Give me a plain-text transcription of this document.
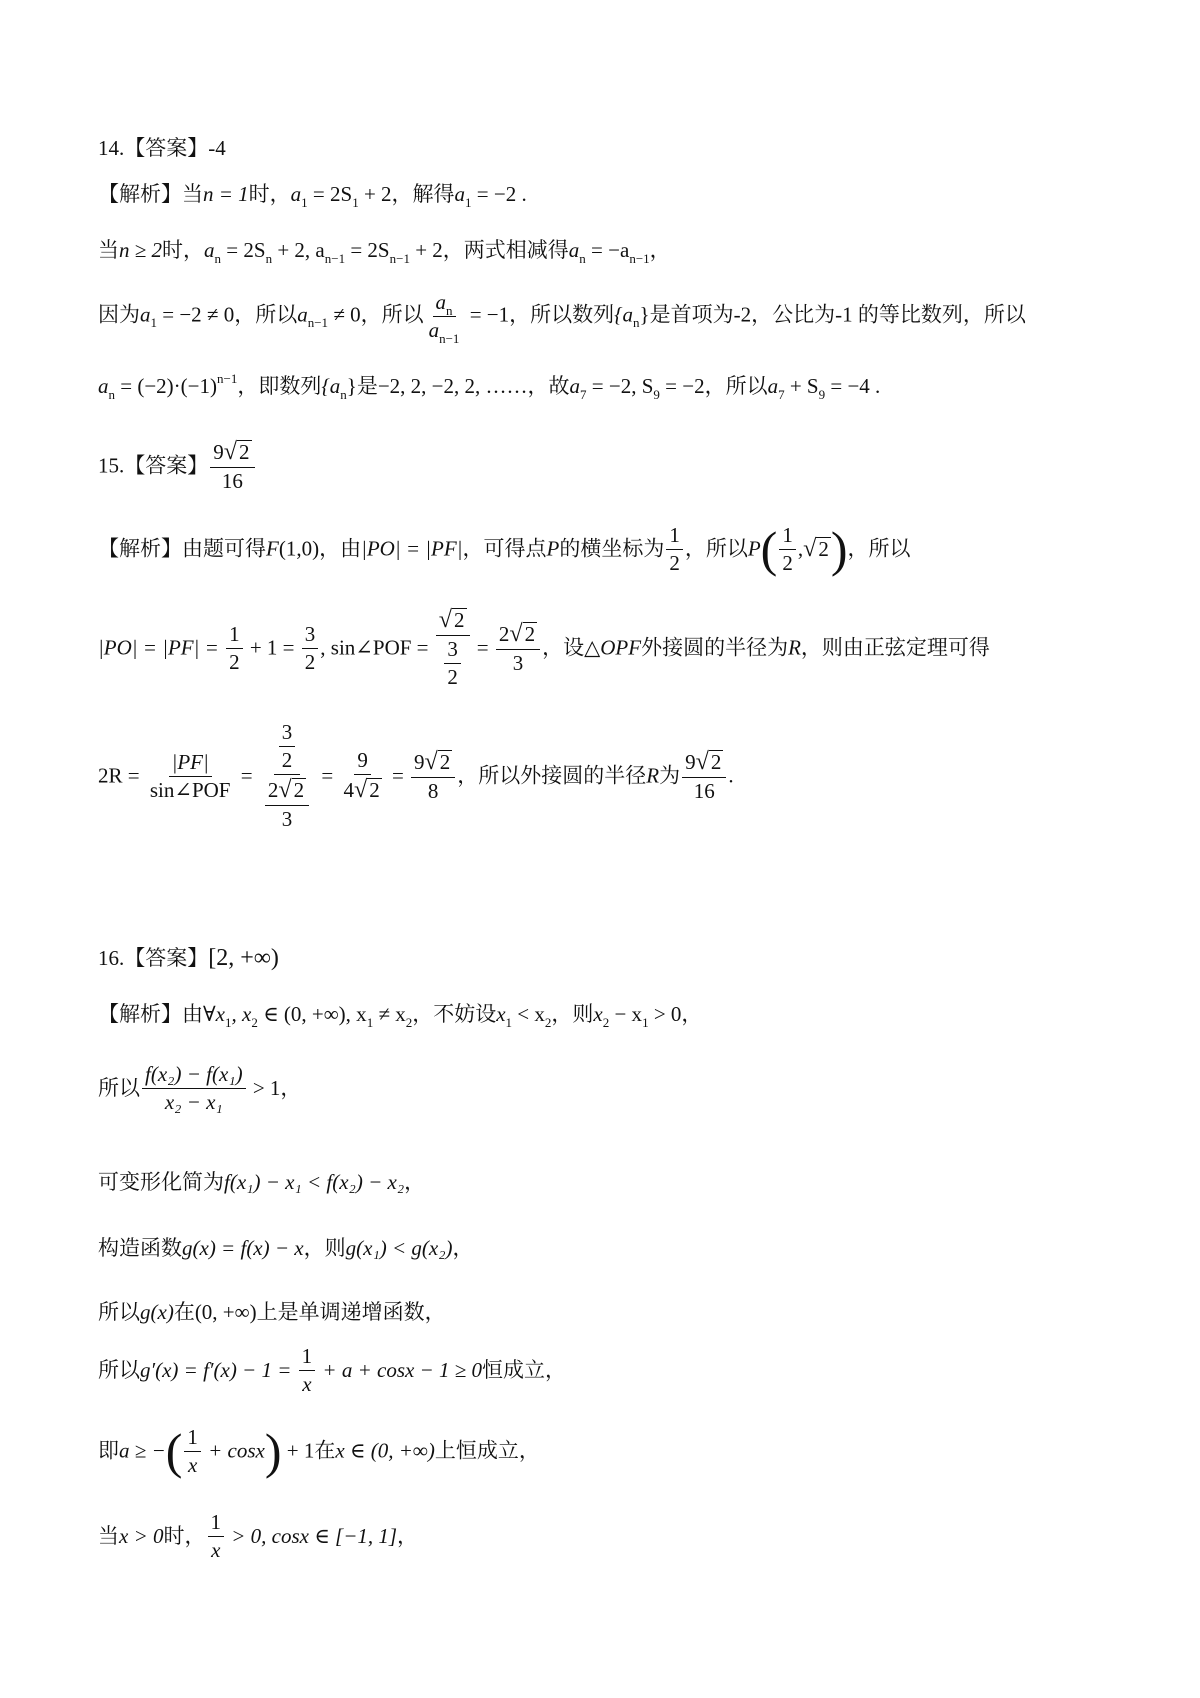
14.【答案】-4
【解析】当n = 1时，$a_1 = 2S_1 + 2$，解得$a_1 = -2$ .
当n ≥ 2时，$a_n = 2S_n + 2$, $a_{n-1} = 2S_{n-1} + 2$，两式相减得$a_n = -a_{n-1}$，
因为$a_1 = -2 \ne 0$，所以$a_{n-1} \ne 0$，所以 $\frac{a_n}{a_{n-1}} = -1$，所以数列$\{a_n\}$是首项为-2，公比为-1 的等比数列，所以
$a_n = (-2)\cdot(-1)^{n-1}$，即数列$\{a_n\}$是−2, 2, −2, 2, ……，故$a_7 = -2$, $S_9 = -2$，所以$a_7 + S_9 = -4$ .
15.【答案】 $\frac{9 √ 2}{16}$
【解析】由题可得F(1,0)，由|PO| = |PF|，可得点P的横坐标为 $\frac{1}{2}$ ，所以$P( \frac{1}{2}$ , √ 2 )，所以
$|PO| = |PF| = \frac{1}{2} + 1 = \frac{3}{2}$ , sin∠POF = $\frac{√ 2}{\frac{3}{2}} = \frac{2 √ 2}{3}$ ，设△OPF外接圆的半径为R，则由正弦定理可得
$2R = \frac{|PF|}{\text{sin∠POF}} = \frac{\frac{3}{2}}{\frac{2 √ 2}{3}} = \frac{9}{4 √ 2} = \frac{9 √ 2}{8}$ ，所以外接圆的半径R为 $\frac{9 √ 2}{16}$ .
16.【答案】[2, +∞)
【解析】由$\forall x_1$, $x_2$ ∈ (0, +∞), $x_1 \ne x_2$，不妨设$x_1 < x_2$，则$x_2 - x_1 > 0$，
所以 $\frac{\text{f(x₂) − f(x₁)}}{\text{x₂ − x₁}} > 1$，
可变形化简为f(x₁) − x₁ < f(x₂) − x₂，
构造函数g(x) = f(x) − x，则g(x₁) < g(x₂)，
所以g(x)在(0, +∞)上是单调递增函数，
所以$g'(x) = f'(x) - 1 = \frac{1}{x} + a + \cos x - 1 \ge 0$恒成立，
即a ≥ −( $\frac{1}{x} + \cos x) + 1$在x ∈ (0, +∞)上恒成立，
当x > 0时， $\frac{1}{x} > 0$, cosx ∈ [−1, 1]，
